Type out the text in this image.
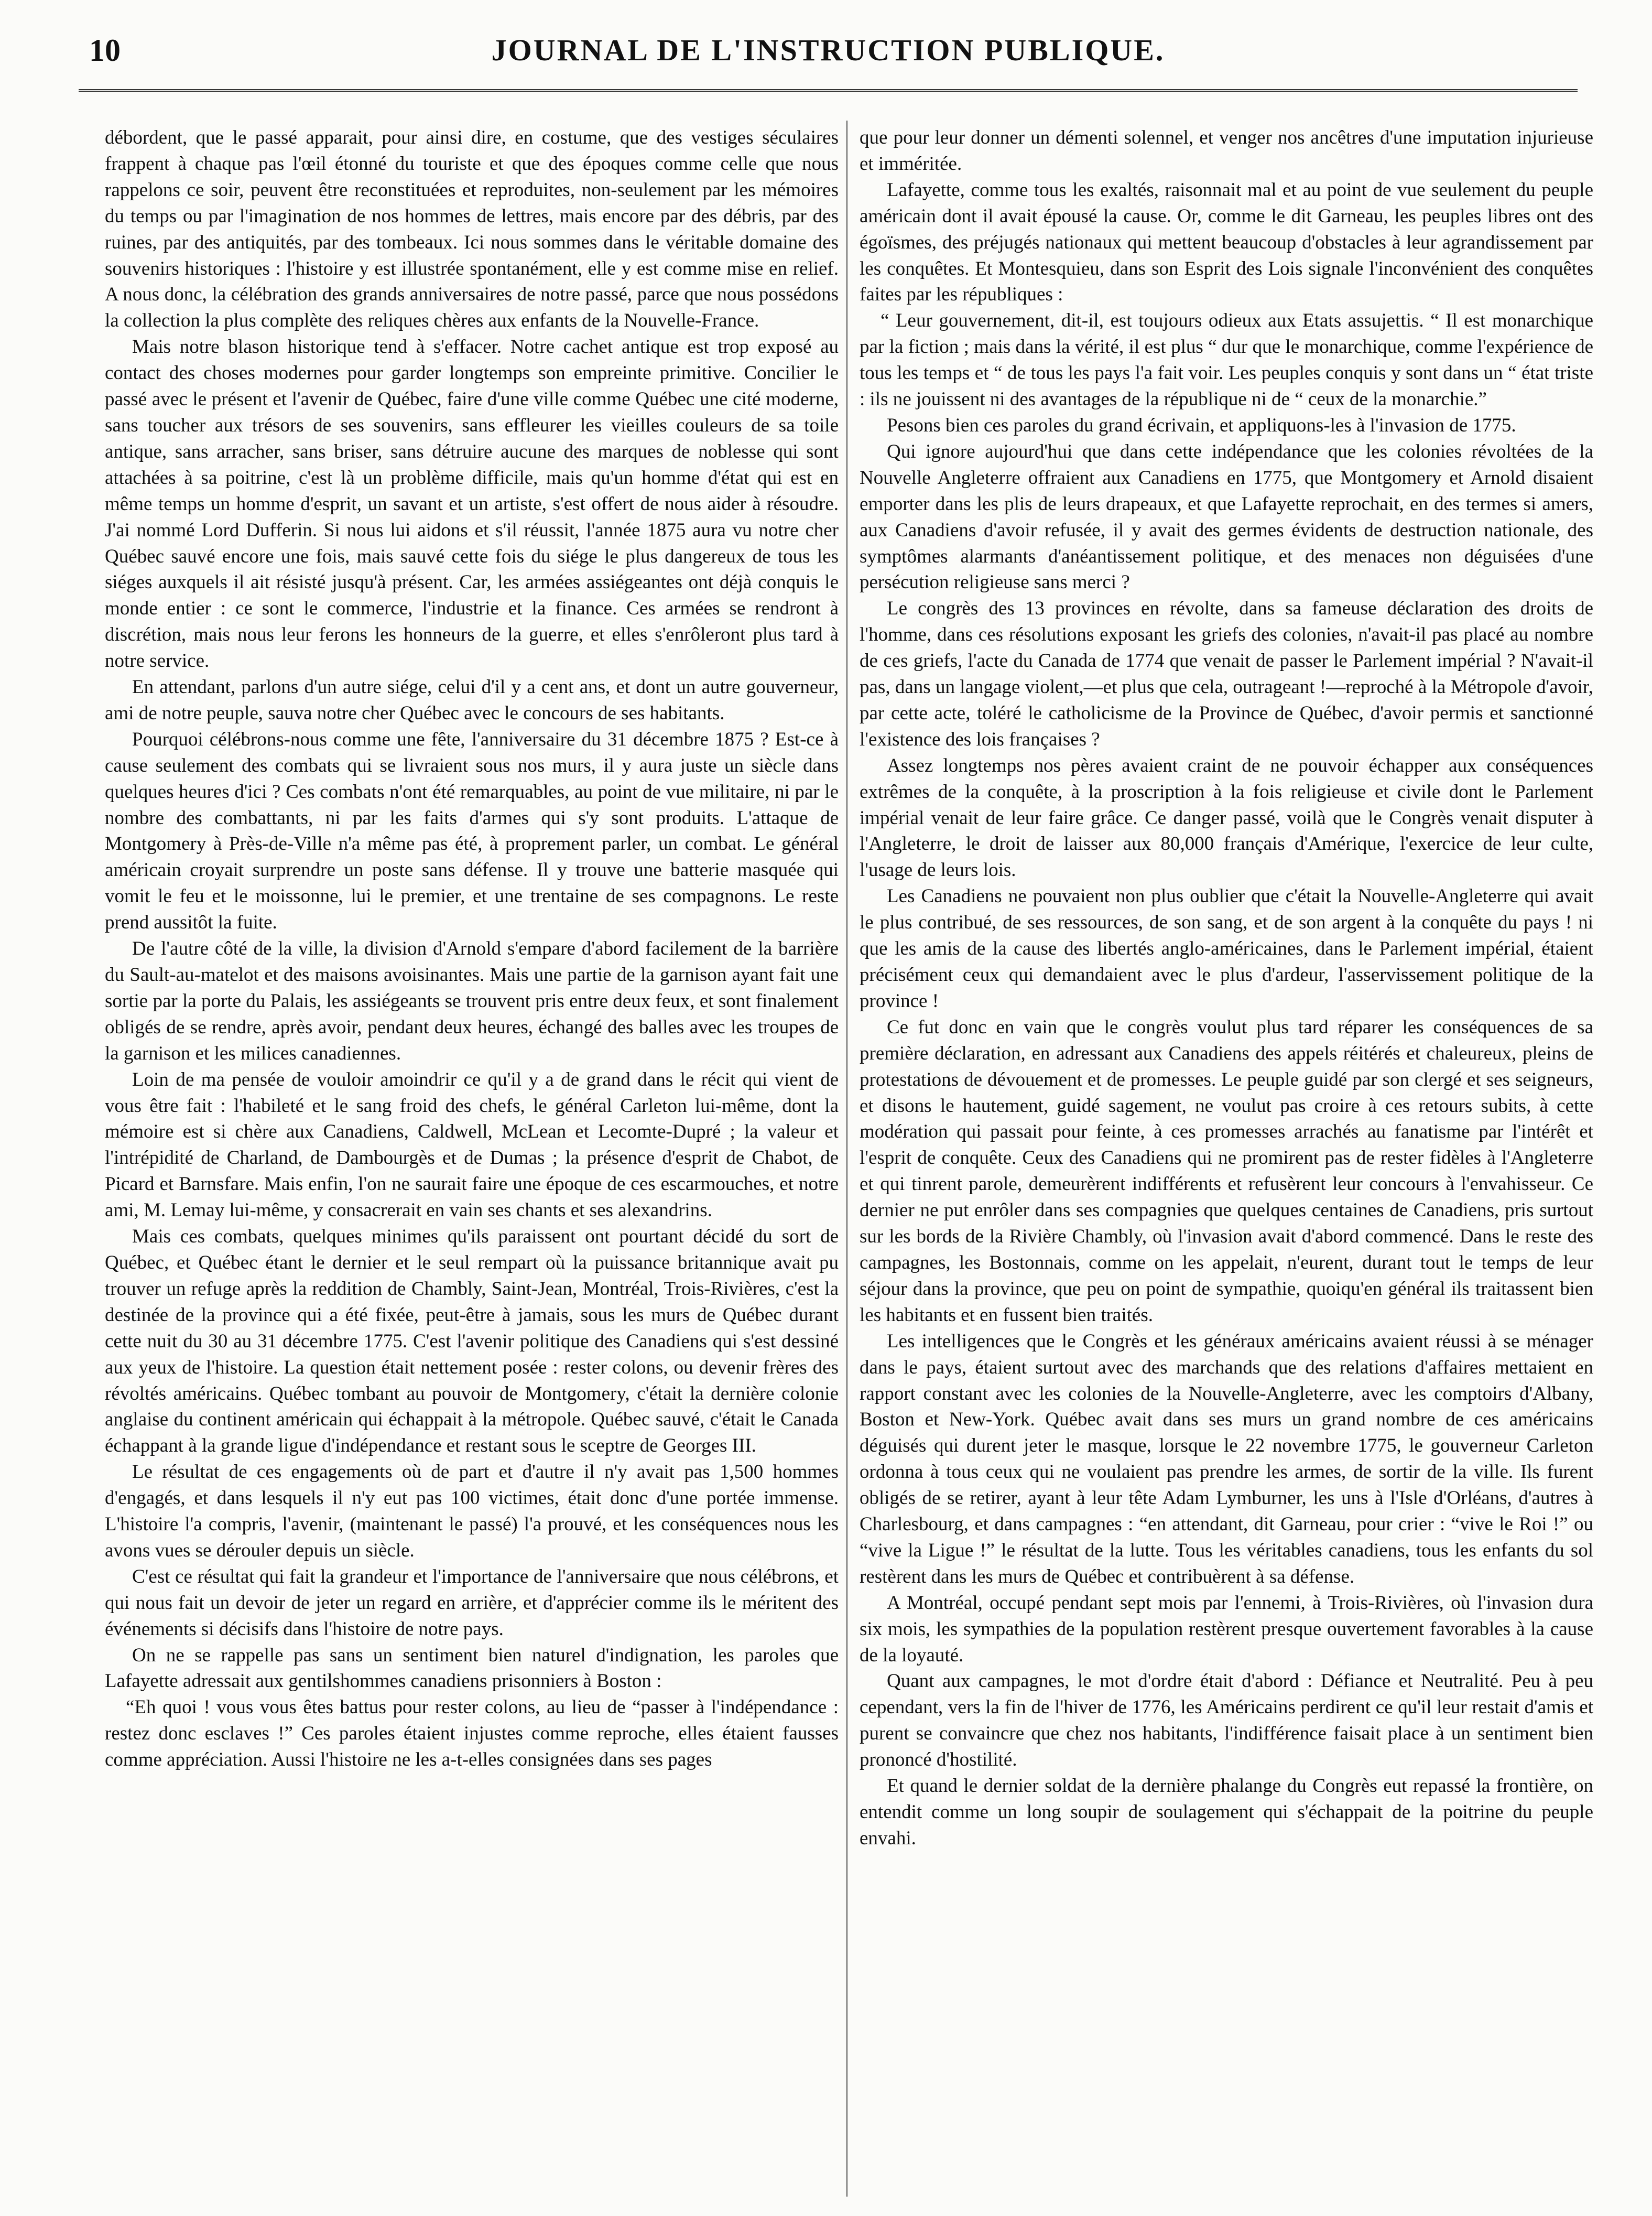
10	JOURNAL DE L'INSTRUCTION PUBLIQUE.

débordent, que le passé apparait, pour ainsi dire, en costume, que des vestiges séculaires frappent à chaque pas l'œil étonné du touriste et que des époques comme celle que nous rappelons ce soir, peuvent être reconstituées et reproduites, non-seulement par les mémoires du temps ou par l'imagination de nos hommes de lettres, mais encore par des débris, par des ruines, par des antiquités, par des tombeaux. Ici nous sommes dans le véritable domaine des souvenirs historiques : l'histoire y est illustrée spontanément, elle y est comme mise en relief. A nous donc, la célébration des grands anniversaires de notre passé, parce que nous possédons la collection la plus complète des reliques chères aux enfants de la Nouvelle-France.

Mais notre blason historique tend à s'effacer. Notre cachet antique est trop exposé au contact des choses modernes pour garder longtemps son empreinte primitive. Concilier le passé avec le présent et l'avenir de Québec, faire d'une ville comme Québec une cité moderne, sans toucher aux trésors de ses souvenirs, sans effleurer les vieilles couleurs de sa toile antique, sans arracher, sans briser, sans détruire aucune des marques de noblesse qui sont attachées à sa poitrine, c'est là un problème difficile, mais qu'un homme d'état qui est en même temps un homme d'esprit, un savant et un artiste, s'est offert de nous aider à résoudre. J'ai nommé Lord Dufferin. Si nous lui aidons et s'il réussit, l'année 1875 aura vu notre cher Québec sauvé encore une fois, mais sauvé cette fois du siége le plus dangereux de tous les siéges auxquels il ait résisté jusqu'à présent. Car, les armées assiégeantes ont déjà conquis le monde entier : ce sont le commerce, l'industrie et la finance. Ces armées se rendront à discrétion, mais nous leur ferons les honneurs de la guerre, et elles s'enrôleront plus tard à notre service.

En attendant, parlons d'un autre siége, celui d'il y a cent ans, et dont un autre gouverneur, ami de notre peuple, sauva notre cher Québec avec le concours de ses habitants.

Pourquoi célébrons-nous comme une fête, l'anniversaire du 31 décembre 1875 ? Est-ce à cause seulement des combats qui se livraient sous nos murs, il y aura juste un siècle dans quelques heures d'ici ? Ces combats n'ont été remarquables, au point de vue militaire, ni par le nombre des combattants, ni par les faits d'armes qui s'y sont produits. L'attaque de Montgomery à Près-de-Ville n'a même pas été, à proprement parler, un combat. Le général américain croyait surprendre un poste sans défense. Il y trouve une batterie masquée qui vomit le feu et le moissonne, lui le premier, et une trentaine de ses compagnons. Le reste prend aussitôt la fuite.

De l'autre côté de la ville, la division d'Arnold s'empare d'abord facilement de la barrière du Sault-au-matelot et des maisons avoisinantes. Mais une partie de la garnison ayant fait une sortie par la porte du Palais, les assiégeants se trouvent pris entre deux feux, et sont finalement obligés de se rendre, après avoir, pendant deux heures, échangé des balles avec les troupes de la garnison et les milices canadiennes.

Loin de ma pensée de vouloir amoindrir ce qu'il y a de grand dans le récit qui vient de vous être fait : l'habileté et le sang froid des chefs, le général Carleton lui-même, dont la mémoire est si chère aux Canadiens, Caldwell, McLean et Lecomte-Dupré ; la valeur et l'intrépidité de Charland, de Dambourgès et de Dumas ; la présence d'esprit de Chabot, de Picard et Barnsfare. Mais enfin, l'on ne saurait faire une époque de ces escarmouches, et notre ami, M. Lemay lui-même, y consacrerait en vain ses chants et ses alexandrins.

Mais ces combats, quelques minimes qu'ils paraissent ont pourtant décidé du sort de Québec, et Québec étant le dernier et le seul rempart où la puissance britannique avait pu trouver un refuge après la reddition de Chambly, Saint-Jean, Montréal, Trois-Rivières, c'est la destinée de la province qui a été fixée, peut-être à jamais, sous les murs de Québec durant cette nuit du 30 au 31 décembre 1775. C'est l'avenir politique des Canadiens qui s'est dessiné aux yeux de l'histoire. La question était nettement posée : rester colons, ou devenir frères des révoltés américains. Québec tombant au pouvoir de Montgomery, c'était la dernière colonie anglaise du continent américain qui échappait à la métropole. Québec sauvé, c'était le Canada échappant à la grande ligue d'indépendance et restant sous le sceptre de Georges III.

Le résultat de ces engagements où de part et d'autre il n'y avait pas 1,500 hommes d'engagés, et dans lesquels il n'y eut pas 100 victimes, était donc d'une portée immense. L'histoire l'a compris, l'avenir, (maintenant le passé) l'a prouvé, et les conséquences nous les avons vues se dérouler depuis un siècle.

C'est ce résultat qui fait la grandeur et l'importance de l'anniversaire que nous célébrons, et qui nous fait un devoir de jeter un regard en arrière, et d'apprécier comme ils le méritent des événements si décisifs dans l'histoire de notre pays.

On ne se rappelle pas sans un sentiment bien naturel d'indignation, les paroles que Lafayette adressait aux gentilshommes canadiens prisonniers à Boston :

“Eh quoi ! vous vous êtes battus pour rester colons, au lieu de “passer à l'indépendance : restez donc esclaves !” Ces paroles étaient injustes comme reproche, elles étaient fausses comme appréciation. Aussi l'histoire ne les a-t-elles consignées dans ses pages

que pour leur donner un démenti solennel, et venger nos ancêtres d'une imputation injurieuse et imméritée.

Lafayette, comme tous les exaltés, raisonnait mal et au point de vue seulement du peuple américain dont il avait épousé la cause. Or, comme le dit Garneau, les peuples libres ont des égoïsmes, des préjugés nationaux qui mettent beaucoup d'obstacles à leur agrandissement par les conquêtes. Et Montesquieu, dans son Esprit des Lois signale l'inconvénient des conquêtes faites par les républiques :

“ Leur gouvernement, dit-il, est toujours odieux aux Etats assujettis. “ Il est monarchique par la fiction ; mais dans la vérité, il est plus “ dur que le monarchique, comme l'expérience de tous les temps et “ de tous les pays l'a fait voir. Les peuples conquis y sont dans un “ état triste : ils ne jouissent ni des avantages de la république ni de “ ceux de la monarchie.”

Pesons bien ces paroles du grand écrivain, et appliquons-les à l'invasion de 1775.

Qui ignore aujourd'hui que dans cette indépendance que les colonies révoltées de la Nouvelle Angleterre offraient aux Canadiens en 1775, que Montgomery et Arnold disaient emporter dans les plis de leurs drapeaux, et que Lafayette reprochait, en des termes si amers, aux Canadiens d'avoir refusée, il y avait des germes évidents de destruction nationale, des symptômes alarmants d'anéantissement politique, et des menaces non déguisées d'une persécution religieuse sans merci ?

Le congrès des 13 provinces en révolte, dans sa fameuse déclaration des droits de l'homme, dans ces résolutions exposant les griefs des colonies, n'avait-il pas placé au nombre de ces griefs, l'acte du Canada de 1774 que venait de passer le Parlement impérial ? N'avait-il pas, dans un langage violent,—et plus que cela, outrageant !—reproché à la Métropole d'avoir, par cette acte, toléré le catholicisme de la Province de Québec, d'avoir permis et sanctionné l'existence des lois françaises ?

Assez longtemps nos pères avaient craint de ne pouvoir échapper aux conséquences extrêmes de la conquête, à la proscription à la fois religieuse et civile dont le Parlement impérial venait de leur faire grâce. Ce danger passé, voilà que le Congrès venait disputer à l'Angleterre, le droit de laisser aux 80,000 français d'Amérique, l'exercice de leur culte, l'usage de leurs lois.

Les Canadiens ne pouvaient non plus oublier que c'était la Nouvelle-Angleterre qui avait le plus contribué, de ses ressources, de son sang, et de son argent à la conquête du pays ! ni que les amis de la cause des libertés anglo-américaines, dans le Parlement impérial, étaient précisément ceux qui demandaient avec le plus d'ardeur, l'asservissement politique de la province !

Ce fut donc en vain que le congrès voulut plus tard réparer les conséquences de sa première déclaration, en adressant aux Canadiens des appels réitérés et chaleureux, pleins de protestations de dévouement et de promesses. Le peuple guidé par son clergé et ses seigneurs, et disons le hautement, guidé sagement, ne voulut pas croire à ces retours subits, à cette modération qui passait pour feinte, à ces promesses arrachés au fanatisme par l'intérêt et l'esprit de conquête. Ceux des Canadiens qui ne promirent pas de rester fidèles à l'Angleterre et qui tinrent parole, demeurèrent indifférents et refusèrent leur concours à l'envahisseur. Ce dernier ne put enrôler dans ses compagnies que quelques centaines de Canadiens, pris surtout sur les bords de la Rivière Chambly, où l'invasion avait d'abord commencé. Dans le reste des campagnes, les Bostonnais, comme on les appelait, n'eurent, durant tout le temps de leur séjour dans la province, que peu on point de sympathie, quoiqu'en général ils traitassent bien les habitants et en fussent bien traités.

Les intelligences que le Congrès et les généraux américains avaient réussi à se ménager dans le pays, étaient surtout avec des marchands que des relations d'affaires mettaient en rapport constant avec les colonies de la Nouvelle-Angleterre, avec les comptoirs d'Albany, Boston et New-York. Québec avait dans ses murs un grand nombre de ces américains déguisés qui durent jeter le masque, lorsque le 22 novembre 1775, le gouverneur Carleton ordonna à tous ceux qui ne voulaient pas prendre les armes, de sortir de la ville. Ils furent obligés de se retirer, ayant à leur tête Adam Lymburner, les uns à l'Isle d'Orléans, d'autres à Charlesbourg, et dans campagnes : “en attendant, dit Garneau, pour crier : “vive le Roi !” ou “vive la Ligue !” le résultat de la lutte. Tous les véritables canadiens, tous les enfants du sol restèrent dans les murs de Québec et contribuèrent à sa défense.

A Montréal, occupé pendant sept mois par l'ennemi, à Trois-Rivières, où l'invasion dura six mois, les sympathies de la population restèrent presque ouvertement favorables à la cause de la loyauté.

Quant aux campagnes, le mot d'ordre était d'abord : Défiance et Neutralité. Peu à peu cependant, vers la fin de l'hiver de 1776, les Américains perdirent ce qu'il leur restait d'amis et purent se convaincre que chez nos habitants, l'indifférence faisait place à un sentiment bien prononcé d'hostilité.

Et quand le dernier soldat de la dernière phalange du Congrès eut repassé la frontière, on entendit comme un long soupir de soulagement qui s'échappait de la poitrine du peuple envahi.
